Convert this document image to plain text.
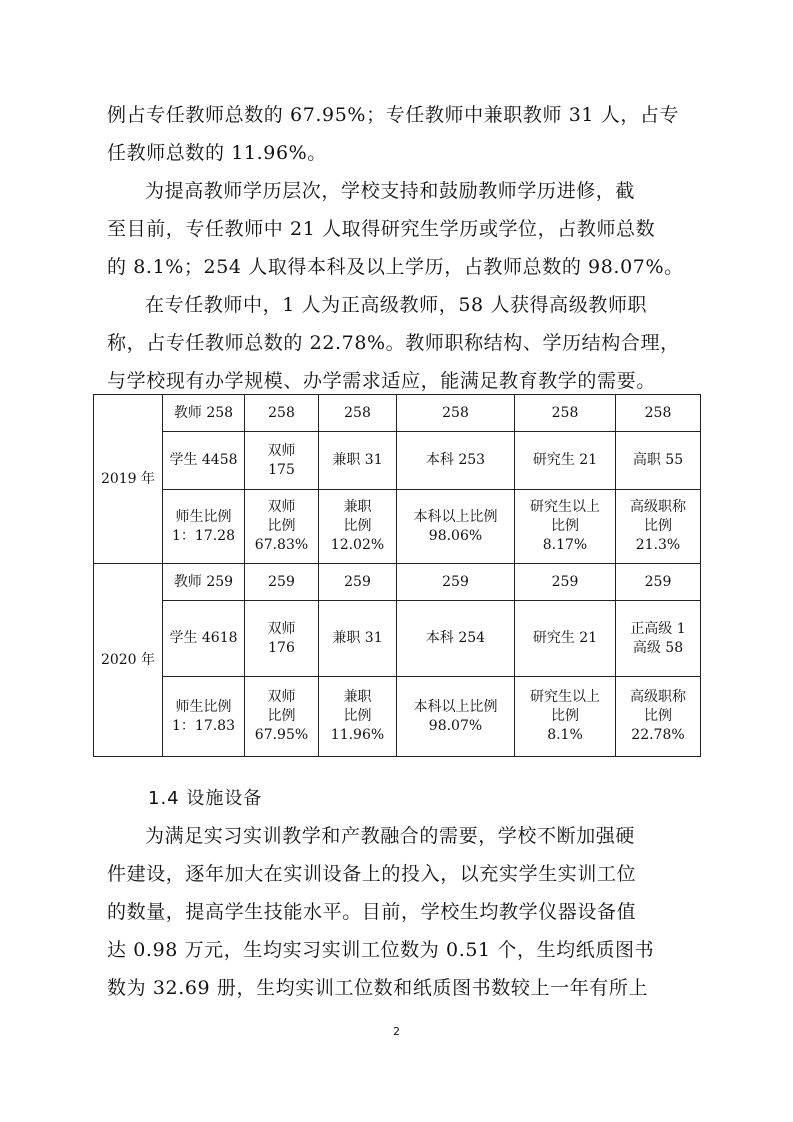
例占专任教师总数的 67.95%；专任教师中兼职教师 31 人，占专
任教师总数的 11.96%。
为提高教师学历层次，学校支持和鼓励教师学历进修，截
至目前，专任教师中 21 人取得研究生学历或学位，占教师总数
的 8.1%；254 人取得本科及以上学历，占教师总数的 98.07%。
在专任教师中，1 人为正高级教师，58 人获得高级教师职
称，占专任教师总数的 22.78%。教师职称结构、学历结构合理，
与学校现有办学规模、办学需求适应，能满足教育教学的需要。
2019 年	教师 258	258	258	258	258	258

	学生 4458	双师
175	兼职 31	本科 253	研究生 21	高职 55

	师生比例
1：17.28	双师
比例
67.83%	兼职
比例
12.02%	本科以上比例
98.06%	研究生以上
比例
8.17%	高级职称
比例
21.3%

2020 年	教师 259	259	259	259	259	259

	学生 4618	双师
176	兼职 31	本科 254	研究生 21	正高级 1
高级 58

	师生比例
1：17.83	双师
比例
67.95%	兼职
比例
11.96%	本科以上比例
98.07%	研究生以上
比例
8.1%	高级职称
比例
22.78%
1.4 设施设备
为满足实习实训教学和产教融合的需要，学校不断加强硬
件建设，逐年加大在实训设备上的投入，以充实学生实训工位
的数量，提高学生技能水平。目前，学校生均教学仪器设备值
达 0.98 万元，生均实习实训工位数为 0.51 个，生均纸质图书
数为 32.69 册，生均实训工位数和纸质图书数较上一年有所上
2
